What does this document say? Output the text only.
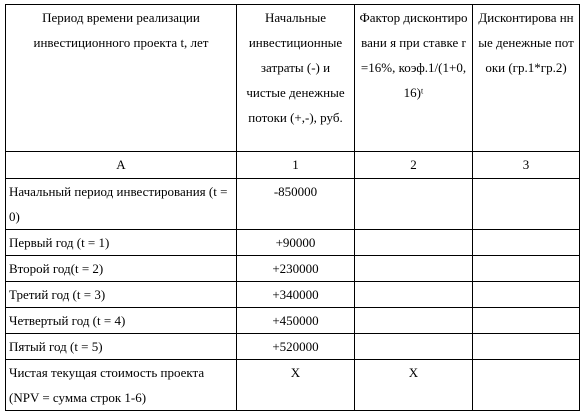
Период времени реализации инвестиционного проекта t, лет	Начальные инвестиционные затраты (-) и чистые денежные потоки (+,-), руб.	Фактор дисконтировани я при ставке r =16%, коэф.1/(1+0,16)ᵗ	Дисконтирова нные денежные потоки (гр.1*гр.2)
А	1	2	3
Начальный период инвестирования (t = 0)	-850000		
Первый год (t = 1)	+90000		
Второй год(t = 2)	+230000		
Третий год (t = 3)	+340000		
Четвертый год (t = 4)	+450000		
Пятый год (t = 5)	+520000		
Чистая текущая стоимость проекта (NPV = сумма строк 1-6)	X	X	
